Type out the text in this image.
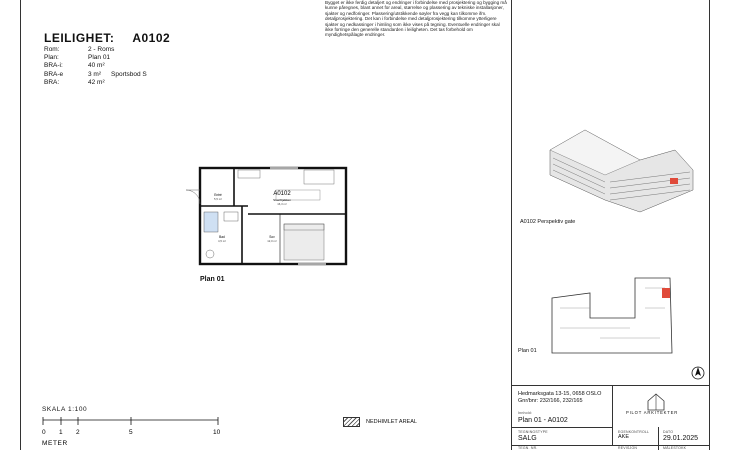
LEILIGHET: A0102
Rom:	2 - Roms
Plan:	Plan 01
BRA-i:	40 m²
BRA-e	3 m² Sportsbod S
BRA:	42 m²
Bygget er ikke ferdig detaljert og endringer i forbindelse med prosjektering og bygging må kunne påregnes, blant annet for areal, størrelse og plassering av tekniske installasjoner, sjakter og nedforinger. Plassering/utstikkende søyler fra vegg kan tilkomme ifm. detaljprosjektering. Det kan i forbindelse med detaljprosjektering tilkomme ytterligere sjakter og nedkassinger i himling som ikke vises på tegning. Eventuelle endringer skal ikke forringe den generelle standarden i leiligheten. Det tas forbehold om myndighetspålagte endringer.
Entré
5,5 m²
A0102
Stue/Kjøkken
16,3 m²
Bad
4,5 m²
Sov
12,0 m²
Plan 01
SKALA 1:100
0 1 2	5	10
METER
NEDHIMLET AREAL
A0102 Perspektiv gate
Plan 01
Hedmarksgata 13-15, 0658 OSLO
Gnr/bnr: 232/166, 232/165
Innhold:
Plan 01 - A0102
TEGNINGSTYPE
SALG
EGENKONTROLL
AKE
DATO
29.01.2025
TEGN. NR.	REVISJON	MÅLESTOKK
PILOT ARKITEKTER
